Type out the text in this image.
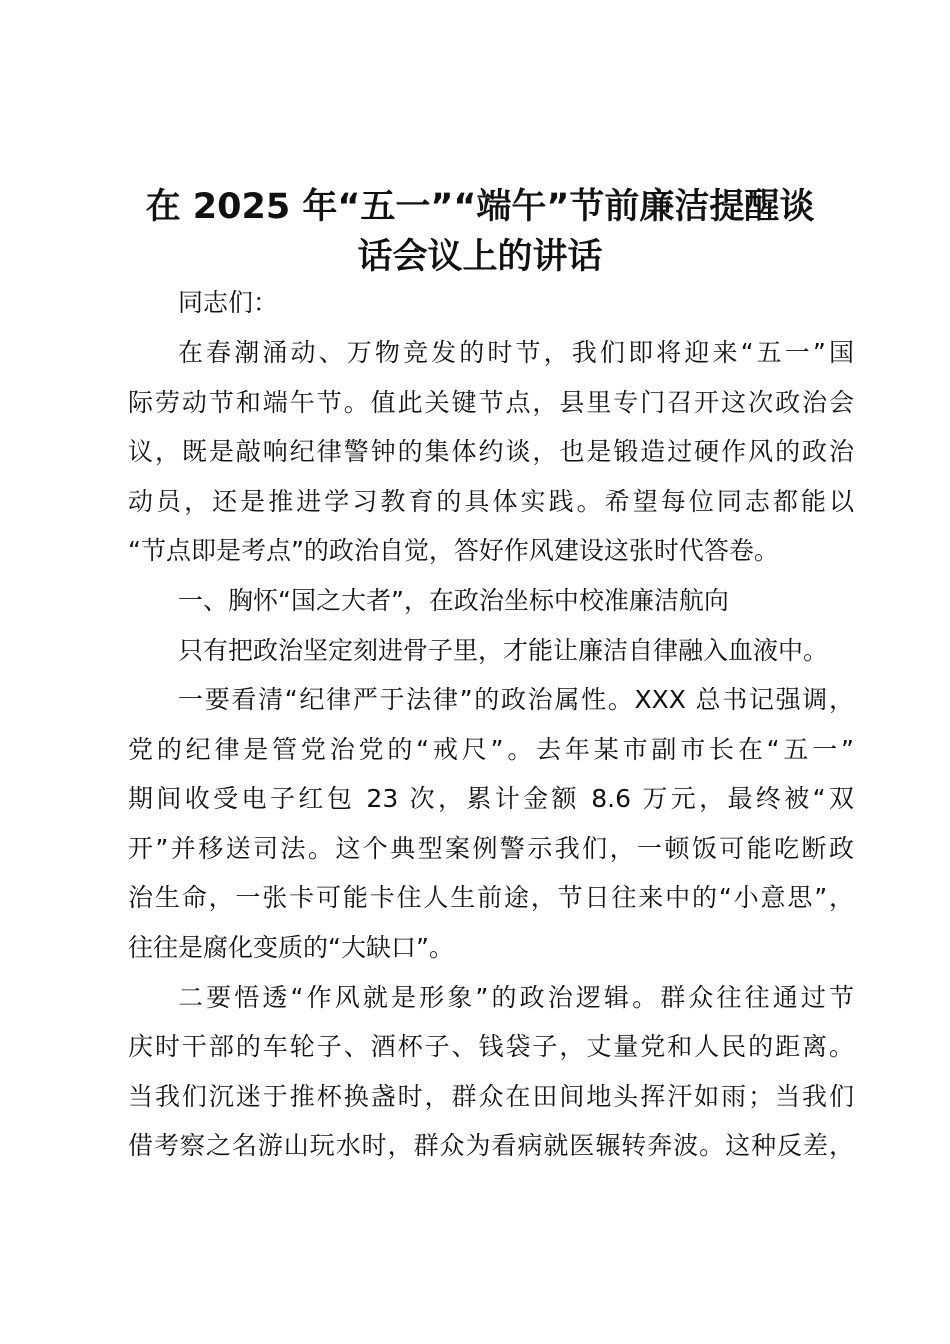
在 2025 年“五一”“端午”节前廉洁提醒谈
话会议上的讲话

同志们：

在春潮涌动、万物竞发的时节，我们即将迎来“五一”国

际劳动节和端午节。值此关键节点，县里专门召开这次政治会

议，既是敲响纪律警钟的集体约谈，也是锻造过硬作风的政治

动员，还是推进学习教育的具体实践。希望每位同志都能以

“节点即是考点”的政治自觉，答好作风建设这张时代答卷。

一、胸怀“国之大者”，在政治坐标中校准廉洁航向

只有把政治坚定刻进骨子里，才能让廉洁自律融入血液中。

一要看清“纪律严于法律”的政治属性。XXX 总书记强调，

党的纪律是管党治党的“戒尺”。去年某市副市长在“五一”

期间收受电子红包 23 次，累计金额 8.6 万元，最终被“双

开”并移送司法。这个典型案例警示我们，一顿饭可能吃断政

治生命，一张卡可能卡住人生前途，节日往来中的“小意思”，

往往是腐化变质的“大缺口”。

二要悟透“作风就是形象”的政治逻辑。群众往往通过节

庆时干部的车轮子、酒杯子、钱袋子，丈量党和人民的距离。

当我们沉迷于推杯换盏时，群众在田间地头挥汗如雨；当我们

借考察之名游山玩水时，群众为看病就医辗转奔波。这种反差，
